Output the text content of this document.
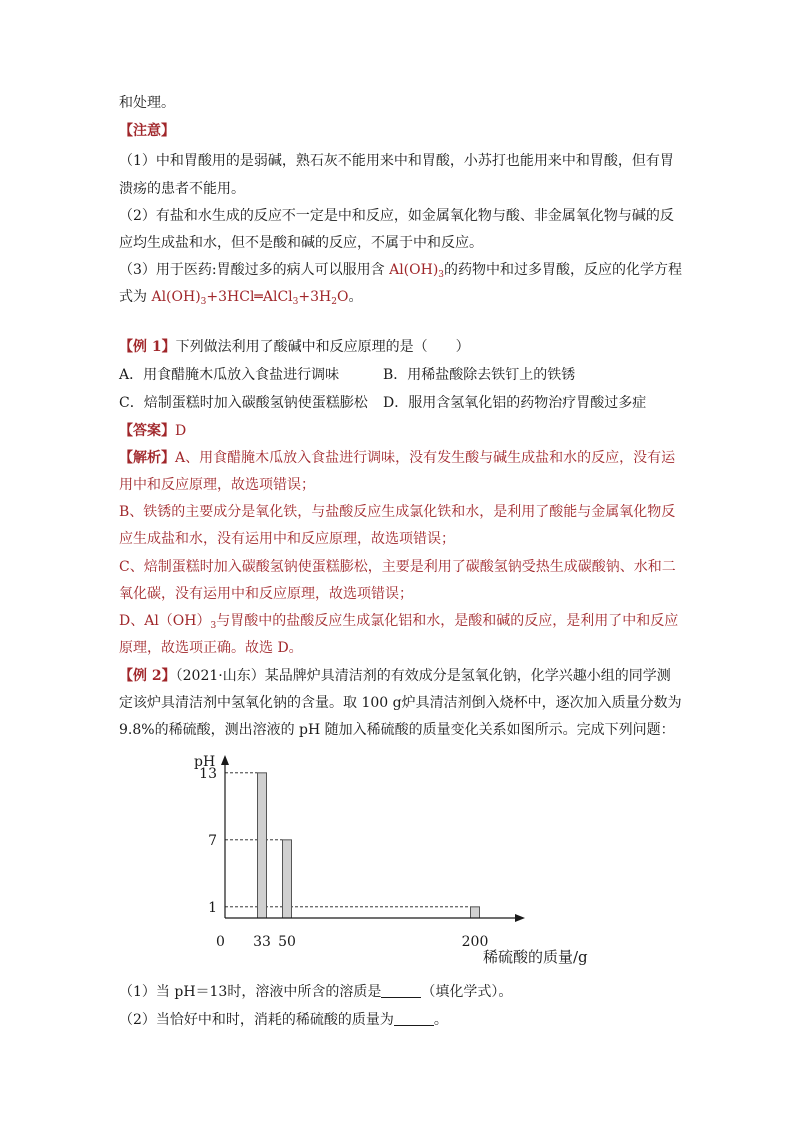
和处理。
【注意】
（1）中和胃酸用的是弱碱，熟石灰不能用来中和胃酸，小苏打也能用来中和胃酸，但有胃
溃疡的患者不能用。
（2）有盐和水生成的反应不一定是中和反应，如金属氧化物与酸、非金属氧化物与碱的反
应均生成盐和水，但不是酸和碱的反应，不属于中和反应。
（3）用于医药:胃酸过多的病人可以服用含 $Al(OH)_3$的药物中和过多胃酸，反应的化学方程
式为 $Al(OH)_3+3HCl═AlCl_3+3H_2O$。
【例 1】下列做法利用了酸碱中和反应原理的是（　　）
A．用食醋腌木瓜放入食盐进行调味	B．用稀盐酸除去铁钉上的铁锈
C．焙制蛋糕时加入碳酸氢钠使蛋糕膨松 D．服用含氢氧化铝的药物治疗胃酸过多症
【答案】D
【解析】A、用食醋腌木瓜放入食盐进行调味，没有发生酸与碱生成盐和水的反应，没有运
用中和反应原理，故选项错误；
B、铁锈的主要成分是氧化铁，与盐酸反应生成氯化铁和水，是利用了酸能与金属氧化物反
应生成盐和水，没有运用中和反应原理，故选项错误；
C、焙制蛋糕时加入碳酸氢钠使蛋糕膨松，主要是利用了碳酸氢钠受热生成碳酸钠、水和二
氧化碳，没有运用中和反应原理，故选项错误；
D、$Al(OH)_3$与胃酸中的盐酸反应生成氯化铝和水，是酸和碱的反应，是利用了中和反应
原理，故选项正确。故选 D。
【例 2】（2021·山东）某品牌炉具清洁剂的有效成分是氢氧化钠，化学兴趣小组的同学测
定该炉具清洁剂中氢氧化钠的含量。取 100 g炉具清洁剂倒入烧杯中，逐次加入质量分数为
9.8%的稀硫酸，测出溶液的 pH 随加入稀硫酸的质量变化关系如图所示。完成下列问题：
pH
稀硫酸的质量/g
0
1
7
13
33 50	200
（1）当 pH＝13时，溶液中所含的溶质是	（填化学式）。
（2）当恰好中和时，消耗的稀硫酸的质量为	。
